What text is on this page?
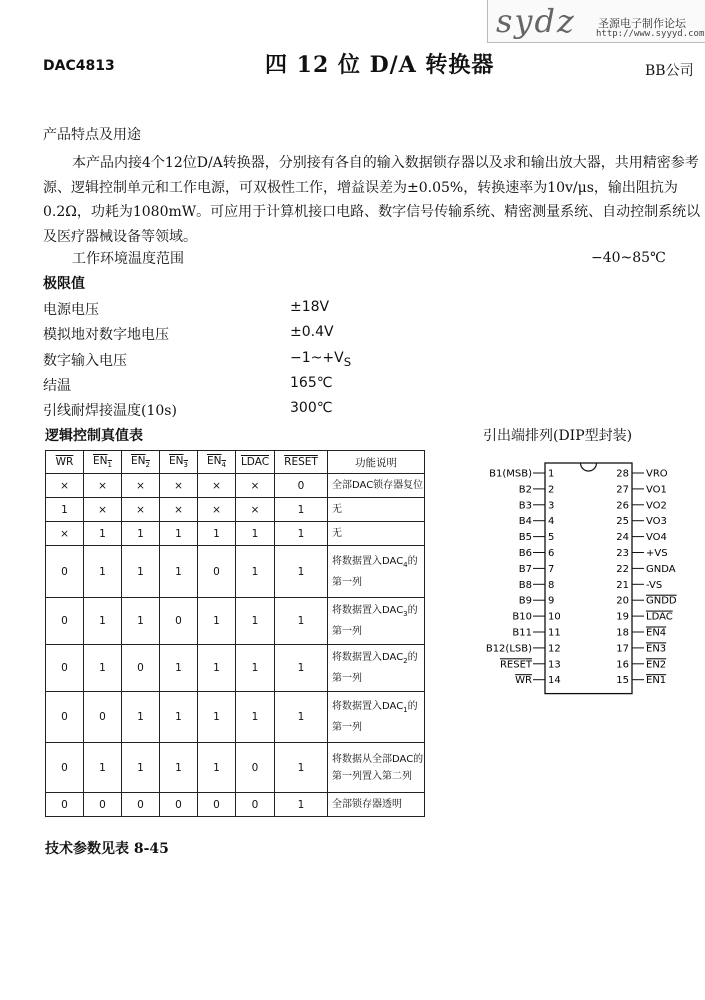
sydz 圣源电子制作论坛
http://www.syyyd.com
DAC4813	四 12 位 D/A 转换器	BB公司
产品特点及用途
本产品内接4个12位D/A转换器，分别接有各自的输入数据锁存器以及求和输出放大器，共用精密参考源、逻辑控制单元和工作电源，可双极性工作，增益误差为±0.05%，转换速率为10v/μs，输出阻抗为0.2Ω，功耗为1080mW。可应用于计算机接口电路、数字信号传输系统、精密测量系统、自动控制系统以及医疗器械设备等领域。
工作环境温度范围	−40~85℃
极限值
电源电压	±18V
模拟地对数字地电压	±0.4V
数字输入电压	$-1\sim+V_S$
结温	165℃
引线耐焊接温度(10s)	300℃
逻辑控制真值表
$\overline{WR}$	$EN_1$	$EN_2$	$EN_3$	$EN_4$	LDAC	RESET	功能说明
×	×	×	×	×	×	0	全部DAC锁存器复位
1	×	×	×	×	×	1	无
×	1	1	1	1	1	1	无
0	1	1	1	0	1	1	将数据置入$DAC_4$的第一列
0	1	1	0	1	1	1	将数据置入$DAC_3$的第一列
0	1	0	1	1	1	1	将数据置入$DAC_2$的第一列
0	0	1	1	1	1	1	将数据置入$DAC_1$的第一列
0	1	1	1	1	0	1	将数据从全部DAC的第一列置入第二列
0	0	0	0	0	0	1	全部锁存器透明
引出端排列(DIP型封装)
1
B1(MSB)
2
B2
3
B3
4
B4
5
B5
6
B6
7
B7
8
B8
9
B9
10
B10
11
B11
12
B12(LSB)
13
RESET
14
WR
28 VRO
27 VO1
26 VO2
25 VO3
24 VO4
23 +VS
22 GNDA
21 -VS
20 GNDD
19 LDAC
18 EN4
17 EN3
16 EN2
15 EN1
技术参数见表 8-45
